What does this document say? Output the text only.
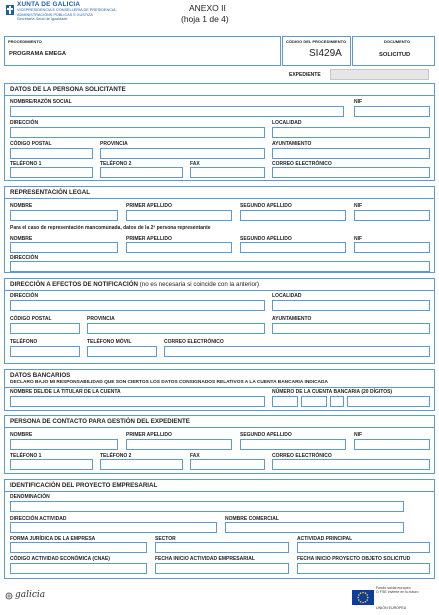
XUNTA DE GALICIA
VICEPRESIDENCIA E CONSELLERÍA DE PRESIDENCIA,
ADMINISTRACIÓNS PÚBLICAS E XUSTIZA
Secretaría Xeral de Igualdade
ANEXO II
(hoja 1 de 4)
PROCEDIMIENTO
PROGRAMA EMEGA
CÓDIGO DEL PROCEDIMIENTO
SI429A
DOCUMENTO
SOLICITUD
EXPEDIENTE
DATOS DE LA PERSONA SOLICITANTE
NOMBRE/RAZÓN SOCIAL	NIF
DIRECCIÓN	LOCALIDAD
CÓDIGO POSTAL	PROVINCIA	AYUNTAMIENTO
TELÉFONO 1	TELÉFONO 2	FAX	CORREO ELECTRÓNICO
REPRESENTACIÓN LEGAL
NOMBRE	PRIMER APELLIDO	SEGUNDO APELLIDO	NIF
Para el caso de representación mancomunada, datos de la 2ª persona representante
NOMBRE	PRIMER APELLIDO	SEGUNDO APELLIDO	NIF
DIRECCIÓN
DIRECCIÓN A EFECTOS DE NOTIFICACIÓN (no es necesaria si coincide con la anterior)
DIRECCIÓN	LOCALIDAD
CÓDIGO POSTAL	PROVINCIA	AYUNTAMIENTO
TELÉFONO	TELÉFONO MÓVIL	CORREO ELECTRÓNICO
DATOS BANCARIOS
DECLARO BAJO MI RESPONSABILIDAD QUE SON CIERTOS LOS DATOS CONSIGNADOS RELATIVOS A LA CUENTA BANCARIA INDICADA
NOMBRE DEL/DE LA TITULAR DE LA CUENTA	NÚMERO DE LA CUENTA BANCARIA (20 DÍGITOS)
PERSONA DE CONTACTO PARA GESTIÓN DEL EXPEDIENTE
NOMBRE	PRIMER APELLIDO	SEGUNDO APELLIDO	NIF
TELÉFONO 1	TELÉFONO 2	FAX	CORREO ELECTRÓNICO
IDENTIFICACIÓN DEL PROYECTO EMPRESARIAL
DENOMINACIÓN
DIRECCIÓN ACTIVIDAD	NOMBRE COMERCIAL
FORMA JURÍDICA DE LA EMPRESA	SECTOR	ACTIVIDAD PRINCIPAL
CÓDIGO ACTIVIDAD ECONÓMICA (CNAE)	FECHA INICIO ACTIVIDAD EMPRESARIAL	FECHA INICIO PROYECTO OBJETO SOLICITUD
galicia
Fondo social europeo
O FSE invierte en tu futuro
UNIÓN EUROPEA
